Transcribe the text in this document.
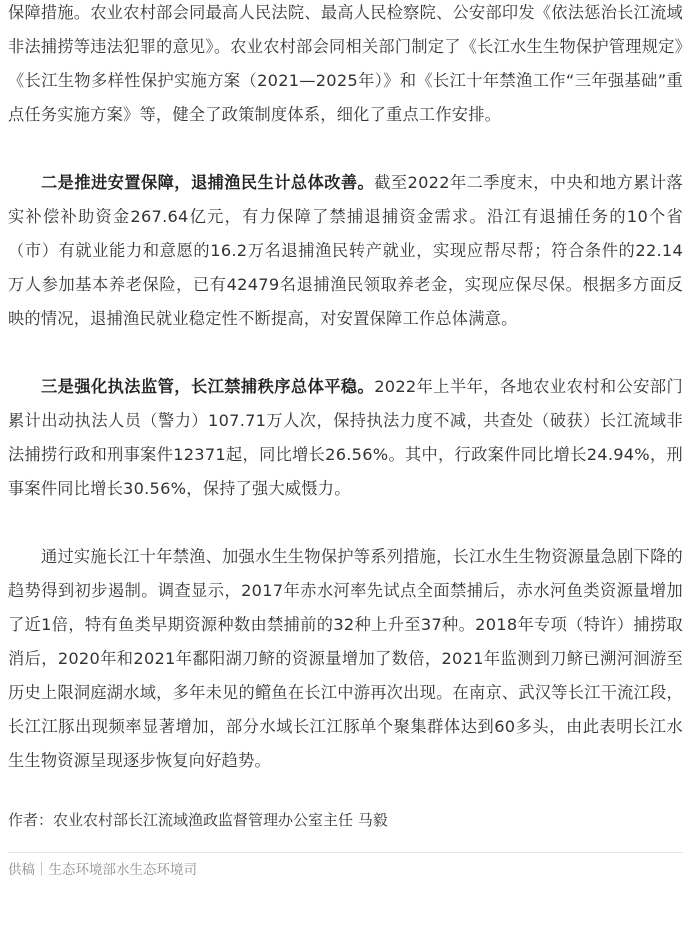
保障措施。农业农村部会同最高人民法院、最高人民检察院、公安部印发《依法惩治长江流域非法捕捞等违法犯罪的意见》。农业农村部会同相关部门制定了《长江水生生物保护管理规定》《长江生物多样性保护实施方案（2021—2025年）》和《长江十年禁渔工作“三年强基础”重点任务实施方案》等，健全了政策制度体系，细化了重点工作安排。

二是推进安置保障，退捕渔民生计总体改善。截至2022年二季度末，中央和地方累计落实补偿补助资金267.64亿元，有力保障了禁捕退捕资金需求。沿江有退捕任务的10个省（市）有就业能力和意愿的16.2万名退捕渔民转产就业，实现应帮尽帮；符合条件的22.14万人参加基本养老保险，已有42479名退捕渔民领取养老金，实现应保尽保。根据多方面反映的情况，退捕渔民就业稳定性不断提高，对安置保障工作总体满意。

三是强化执法监管，长江禁捕秩序总体平稳。2022年上半年，各地农业农村和公安部门累计出动执法人员（警力）107.71万人次，保持执法力度不减，共查处（破获）长江流域非法捕捞行政和刑事案件12371起，同比增长26.56%。其中，行政案件同比增长24.94%，刑事案件同比增长30.56%，保持了强大威慑力。

通过实施长江十年禁渔、加强水生生物保护等系列措施，长江水生生物资源量急剧下降的趋势得到初步遏制。调查显示，2017年赤水河率先试点全面禁捕后，赤水河鱼类资源量增加了近1倍，特有鱼类早期资源种数由禁捕前的32种上升至37种。2018年专项（特许）捕捞取消后，2020年和2021年鄱阳湖刀鲚的资源量增加了数倍，2021年监测到刀鲚已溯河洄游至历史上限洞庭湖水域，多年未见的鳤鱼在长江中游再次出现。在南京、武汉等长江干流江段，长江江豚出现频率显著增加，部分水域长江江豚单个聚集群体达到60多头，由此表明长江水生生物资源呈现逐步恢复向好趋势。

作者：农业农村部长江流域渔政监督管理办公室主任 马毅

供稿｜生态环境部水生态环境司
